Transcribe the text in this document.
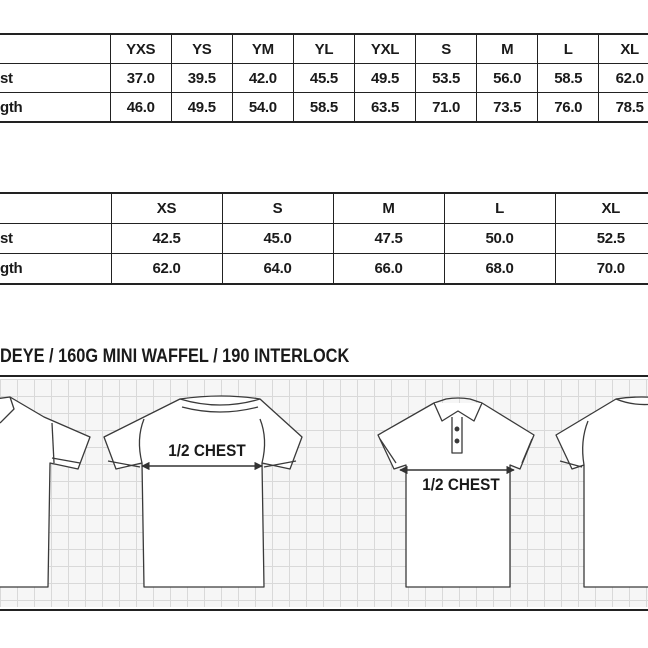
	YXS	YS	YM	YL	YXL	S	M	L	XL
st	37.0	39.5	42.0	45.5	49.5	53.5	56.0	58.5	62.0
gth	46.0	49.5	54.0	58.5	63.5	71.0	73.5	76.0	78.5
	XS	S	M	L	XL
st	42.5	45.0	47.5	50.0	52.5
gth	62.0	64.0	66.0	68.0	70.0
DEYE / 160G MINI WAFFEL / 190 INTERLOCK
1/2 CHEST
1/2 CHEST
